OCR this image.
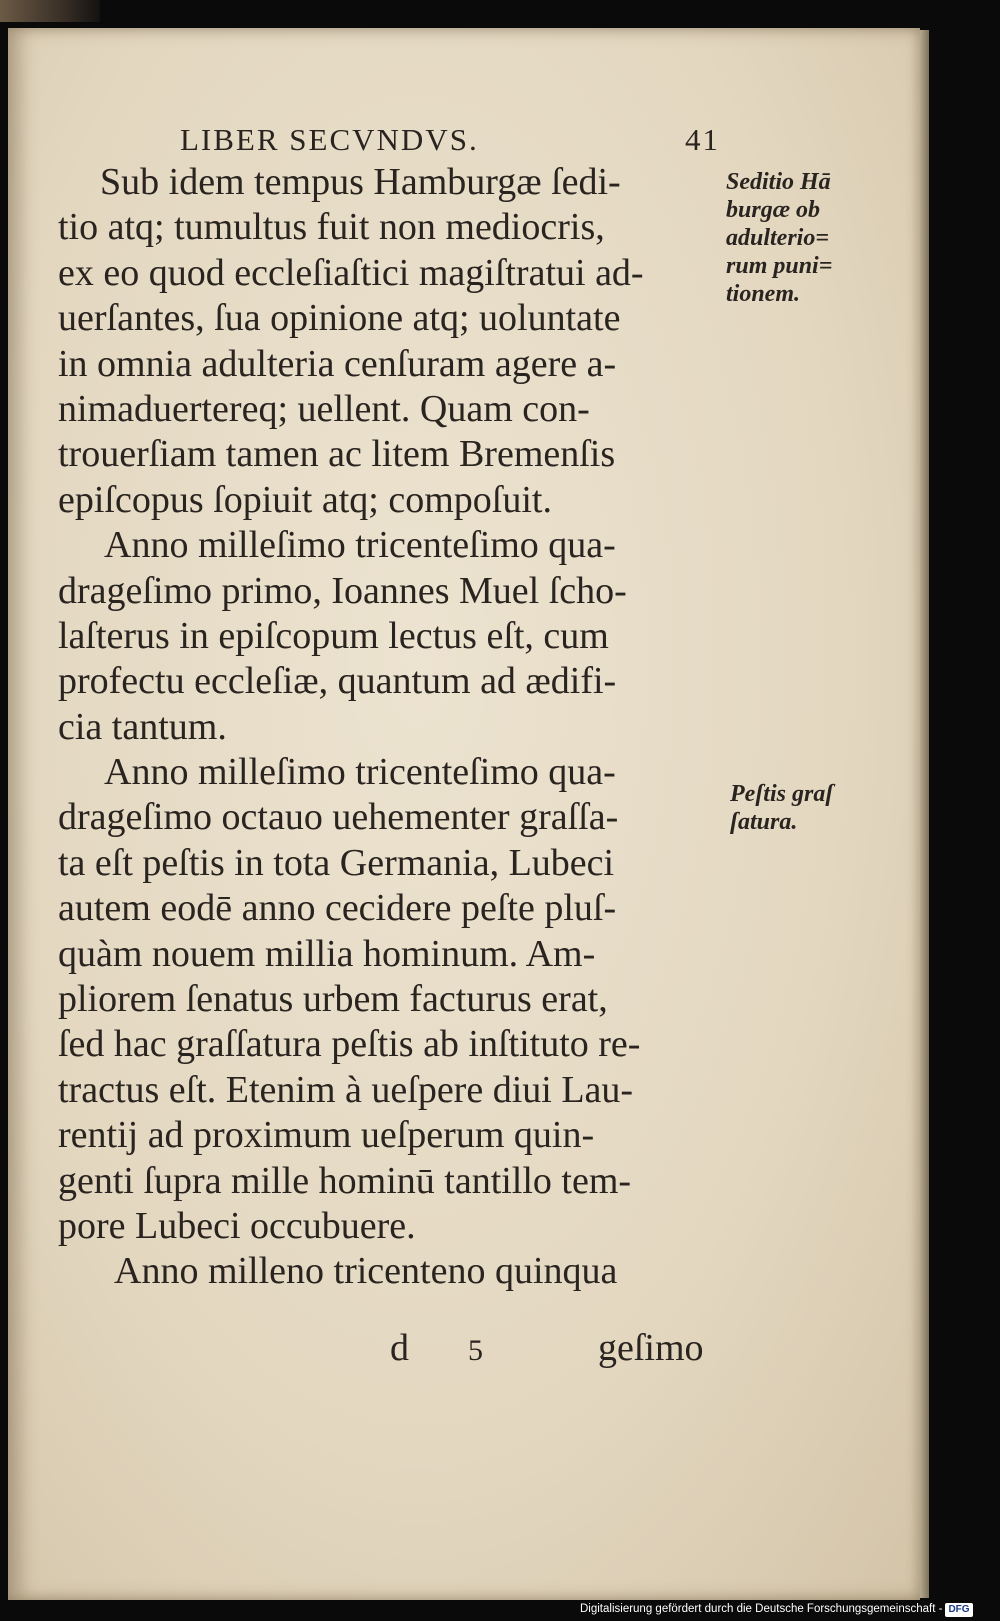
LIBER SECVNDVS.	41
Sub idem tempus Hamburgæ ſedi-
tio atq; tumultus fuit non mediocris,
ex eo quod eccleſiaſtici magiſtratui ad-
uerſantes, ſua opinione atq; uoluntate
in omnia adulteria cenſuram agere a-
nimaduertereq; uellent. Quam con-
trouerſiam tamen ac litem Bremenſis
epiſcopus ſopiuit atq; compoſuit.
Anno milleſimo tricenteſimo qua-
drageſimo primo, Ioannes Muel ſcho-
laſterus in epiſcopum lectus eſt, cum
profectu eccleſiæ, quantum ad ædifi-
cia tantum.
Anno milleſimo tricenteſimo qua-
drageſimo octauo uehementer graſſa-
ta eſt peſtis in tota Germania, Lubeci
autem eodē anno cecidere peſte pluſ-
quàm nouem millia hominum. Am-
pliorem ſenatus urbem facturus erat,
ſed hac graſſatura peſtis ab inſtituto re-
tractus eſt. Etenim à ueſpere diui Lau-
rentij ad proximum ueſperum quin-
genti ſupra mille hominū tantillo tem-
pore Lubeci occubuere.
Anno milleno tricenteno quinqua
Seditio Hā
burgæ ob
adulterio=
rum puni=
tionem.
Peſtis graſ
ſatura.
d 5	geſimo
Digitalisierung gefördert durch die Deutsche Forschungsgemeinschaft - DFG
